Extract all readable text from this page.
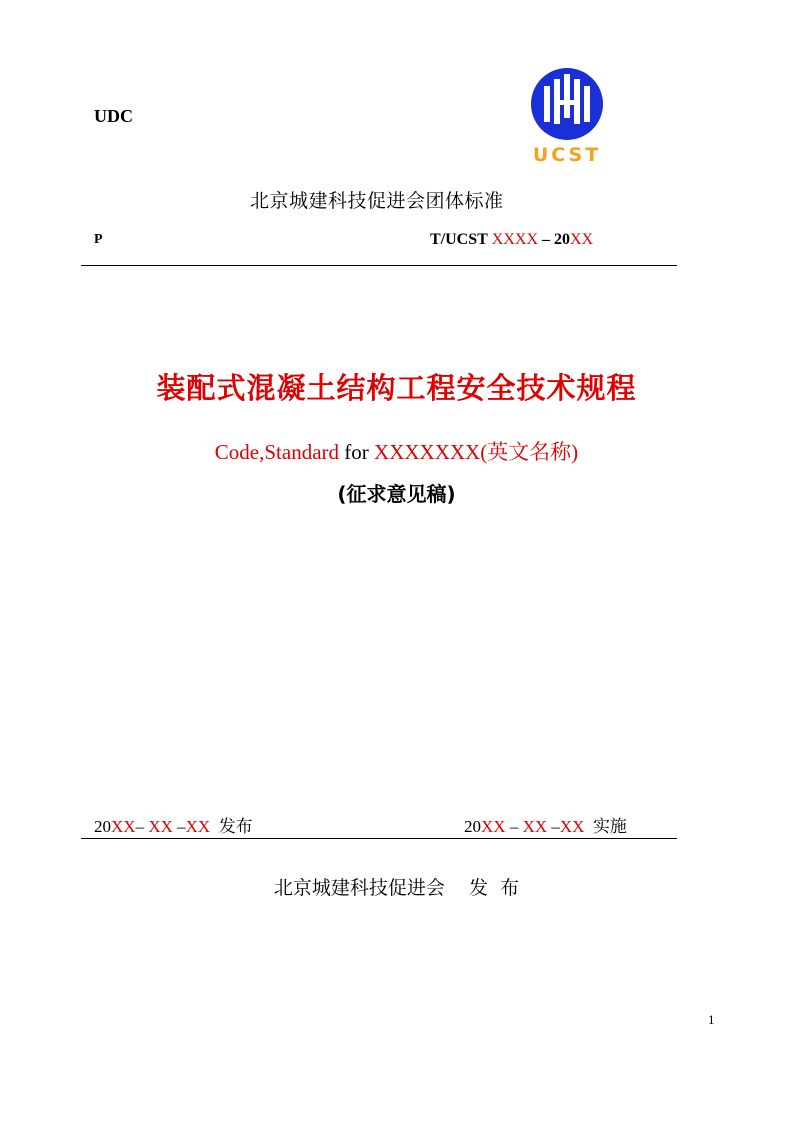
UDC
UCST
北京城建科技促进会团体标准
P	T/UCST XXXX – 20XX
装配式混凝土结构工程安全技术规程
Code,Standard for XXXXXXX(英文名称)
(征求意见稿)
20XX– XX –XX 发布	20XX – XX –XX 实施
北京城建科技促进会    发  布
1
